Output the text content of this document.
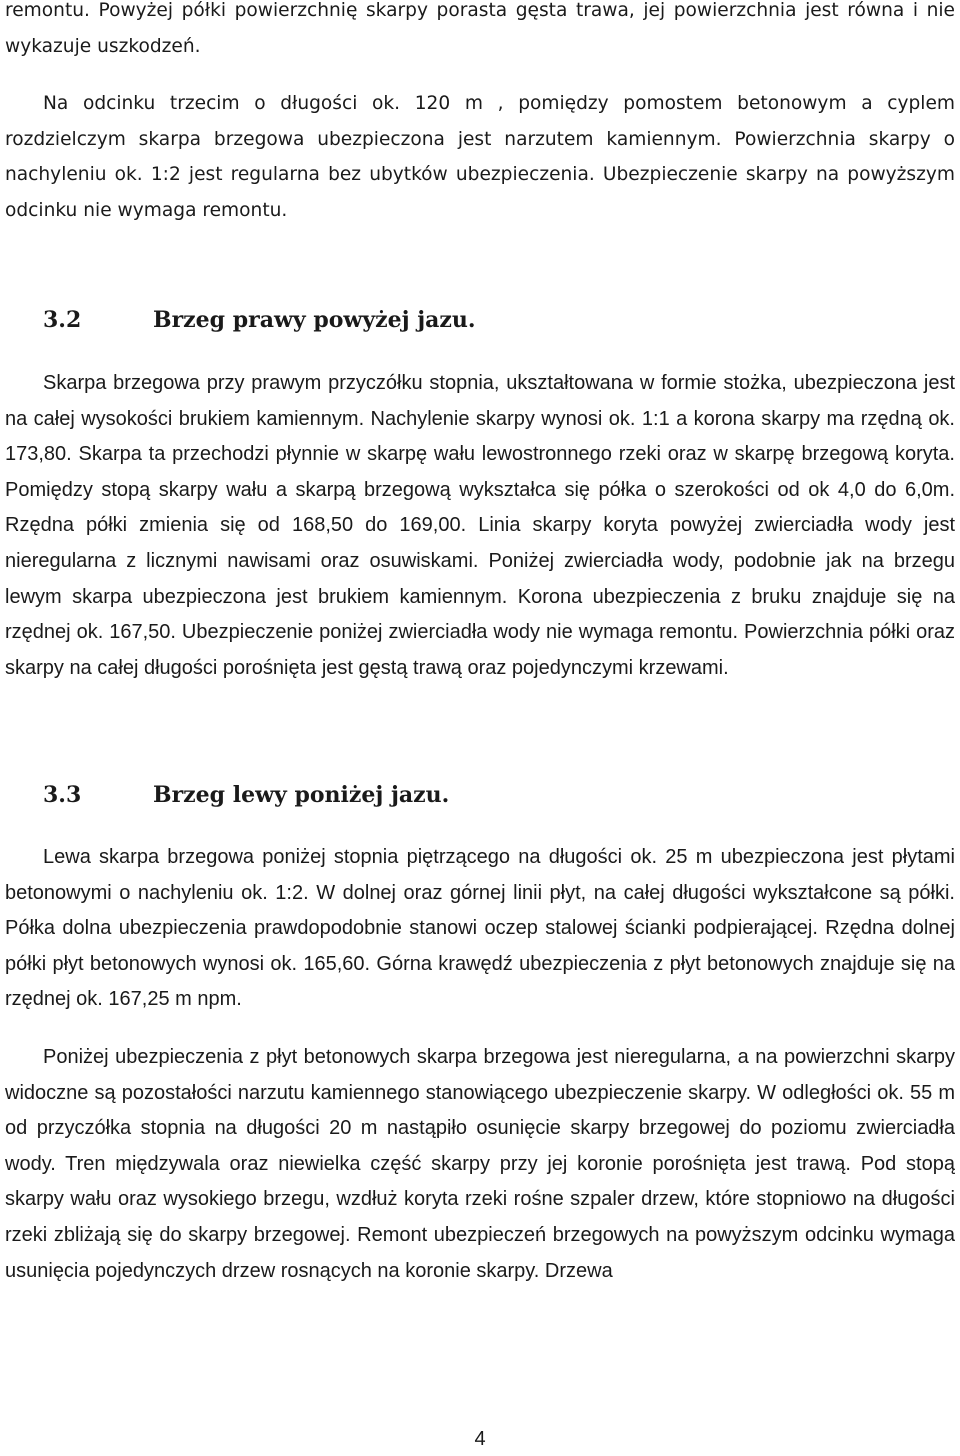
remontu. Powyżej półki powierzchnię skarpy porasta gęsta trawa, jej powierzchnia jest równa i nie wykazuje uszkodzeń.

Na odcinku trzecim o długości ok. 120 m , pomiędzy pomostem betonowym a cyplem rozdzielczym skarpa brzegowa ubezpieczona jest narzutem kamiennym. Powierzchnia skarpy o nachyleniu ok. 1:2 jest regularna bez ubytków ubezpieczenia. Ubezpieczenie skarpy na powyższym odcinku nie wymaga remontu.

3.2	Brzeg prawy powyżej jazu.

Skarpa brzegowa przy prawym przyczółku stopnia, ukształtowana w formie stożka, ubezpieczona jest na całej wysokości brukiem kamiennym. Nachylenie skarpy wynosi ok. 1:1 a korona skarpy ma rzędną ok. 173,80. Skarpa ta przechodzi płynnie w skarpę wału lewostronnego rzeki oraz w skarpę brzegową koryta. Pomiędzy stopą skarpy wału a skarpą brzegową wykształca się półka o szerokości od ok 4,0 do 6,0m. Rzędna półki zmienia się od 168,50 do 169,00. Linia skarpy koryta powyżej zwierciadła wody jest nieregularna z licznymi nawisami oraz osuwiskami. Poniżej zwierciadła wody, podobnie jak na brzegu lewym skarpa ubezpieczona jest brukiem kamiennym. Korona ubezpieczenia z bruku znajduje się na rzędnej ok. 167,50. Ubezpieczenie poniżej zwierciadła wody nie wymaga remontu. Powierzchnia półki oraz skarpy na całej długości porośnięta jest gęstą trawą oraz pojedynczymi krzewami.

3.3	Brzeg lewy poniżej jazu.

Lewa skarpa brzegowa poniżej stopnia piętrzącego na długości ok. 25 m ubezpieczona jest płytami betonowymi o nachyleniu ok. 1:2. W dolnej oraz górnej linii płyt, na całej długości wykształcone są półki. Półka dolna ubezpieczenia prawdopodobnie stanowi oczep stalowej ścianki podpierającej. Rzędna dolnej półki płyt betonowych wynosi ok. 165,60. Górna krawędź ubezpieczenia z płyt betonowych znajduje się na rzędnej ok. 167,25 m npm.

Poniżej ubezpieczenia z płyt betonowych skarpa brzegowa jest nieregularna, a na powierzchni skarpy widoczne są pozostałości narzutu kamiennego stanowiącego ubezpieczenie skarpy. W odległości ok. 55 m od przyczółka stopnia na długości 20 m nastąpiło osunięcie skarpy brzegowej do poziomu zwierciadła wody. Tren międzywala oraz niewielka część skarpy przy jej koronie porośnięta jest trawą. Pod stopą skarpy wału oraz wysokiego brzegu, wzdłuż koryta rzeki rośne szpaler drzew, które stopniowo na długości rzeki zbliżają się do skarpy brzegowej. Remont ubezpieczeń brzegowych na powyższym odcinku wymaga usunięcia pojedynczych drzew rosnących na koronie skarpy. Drzewa

4
